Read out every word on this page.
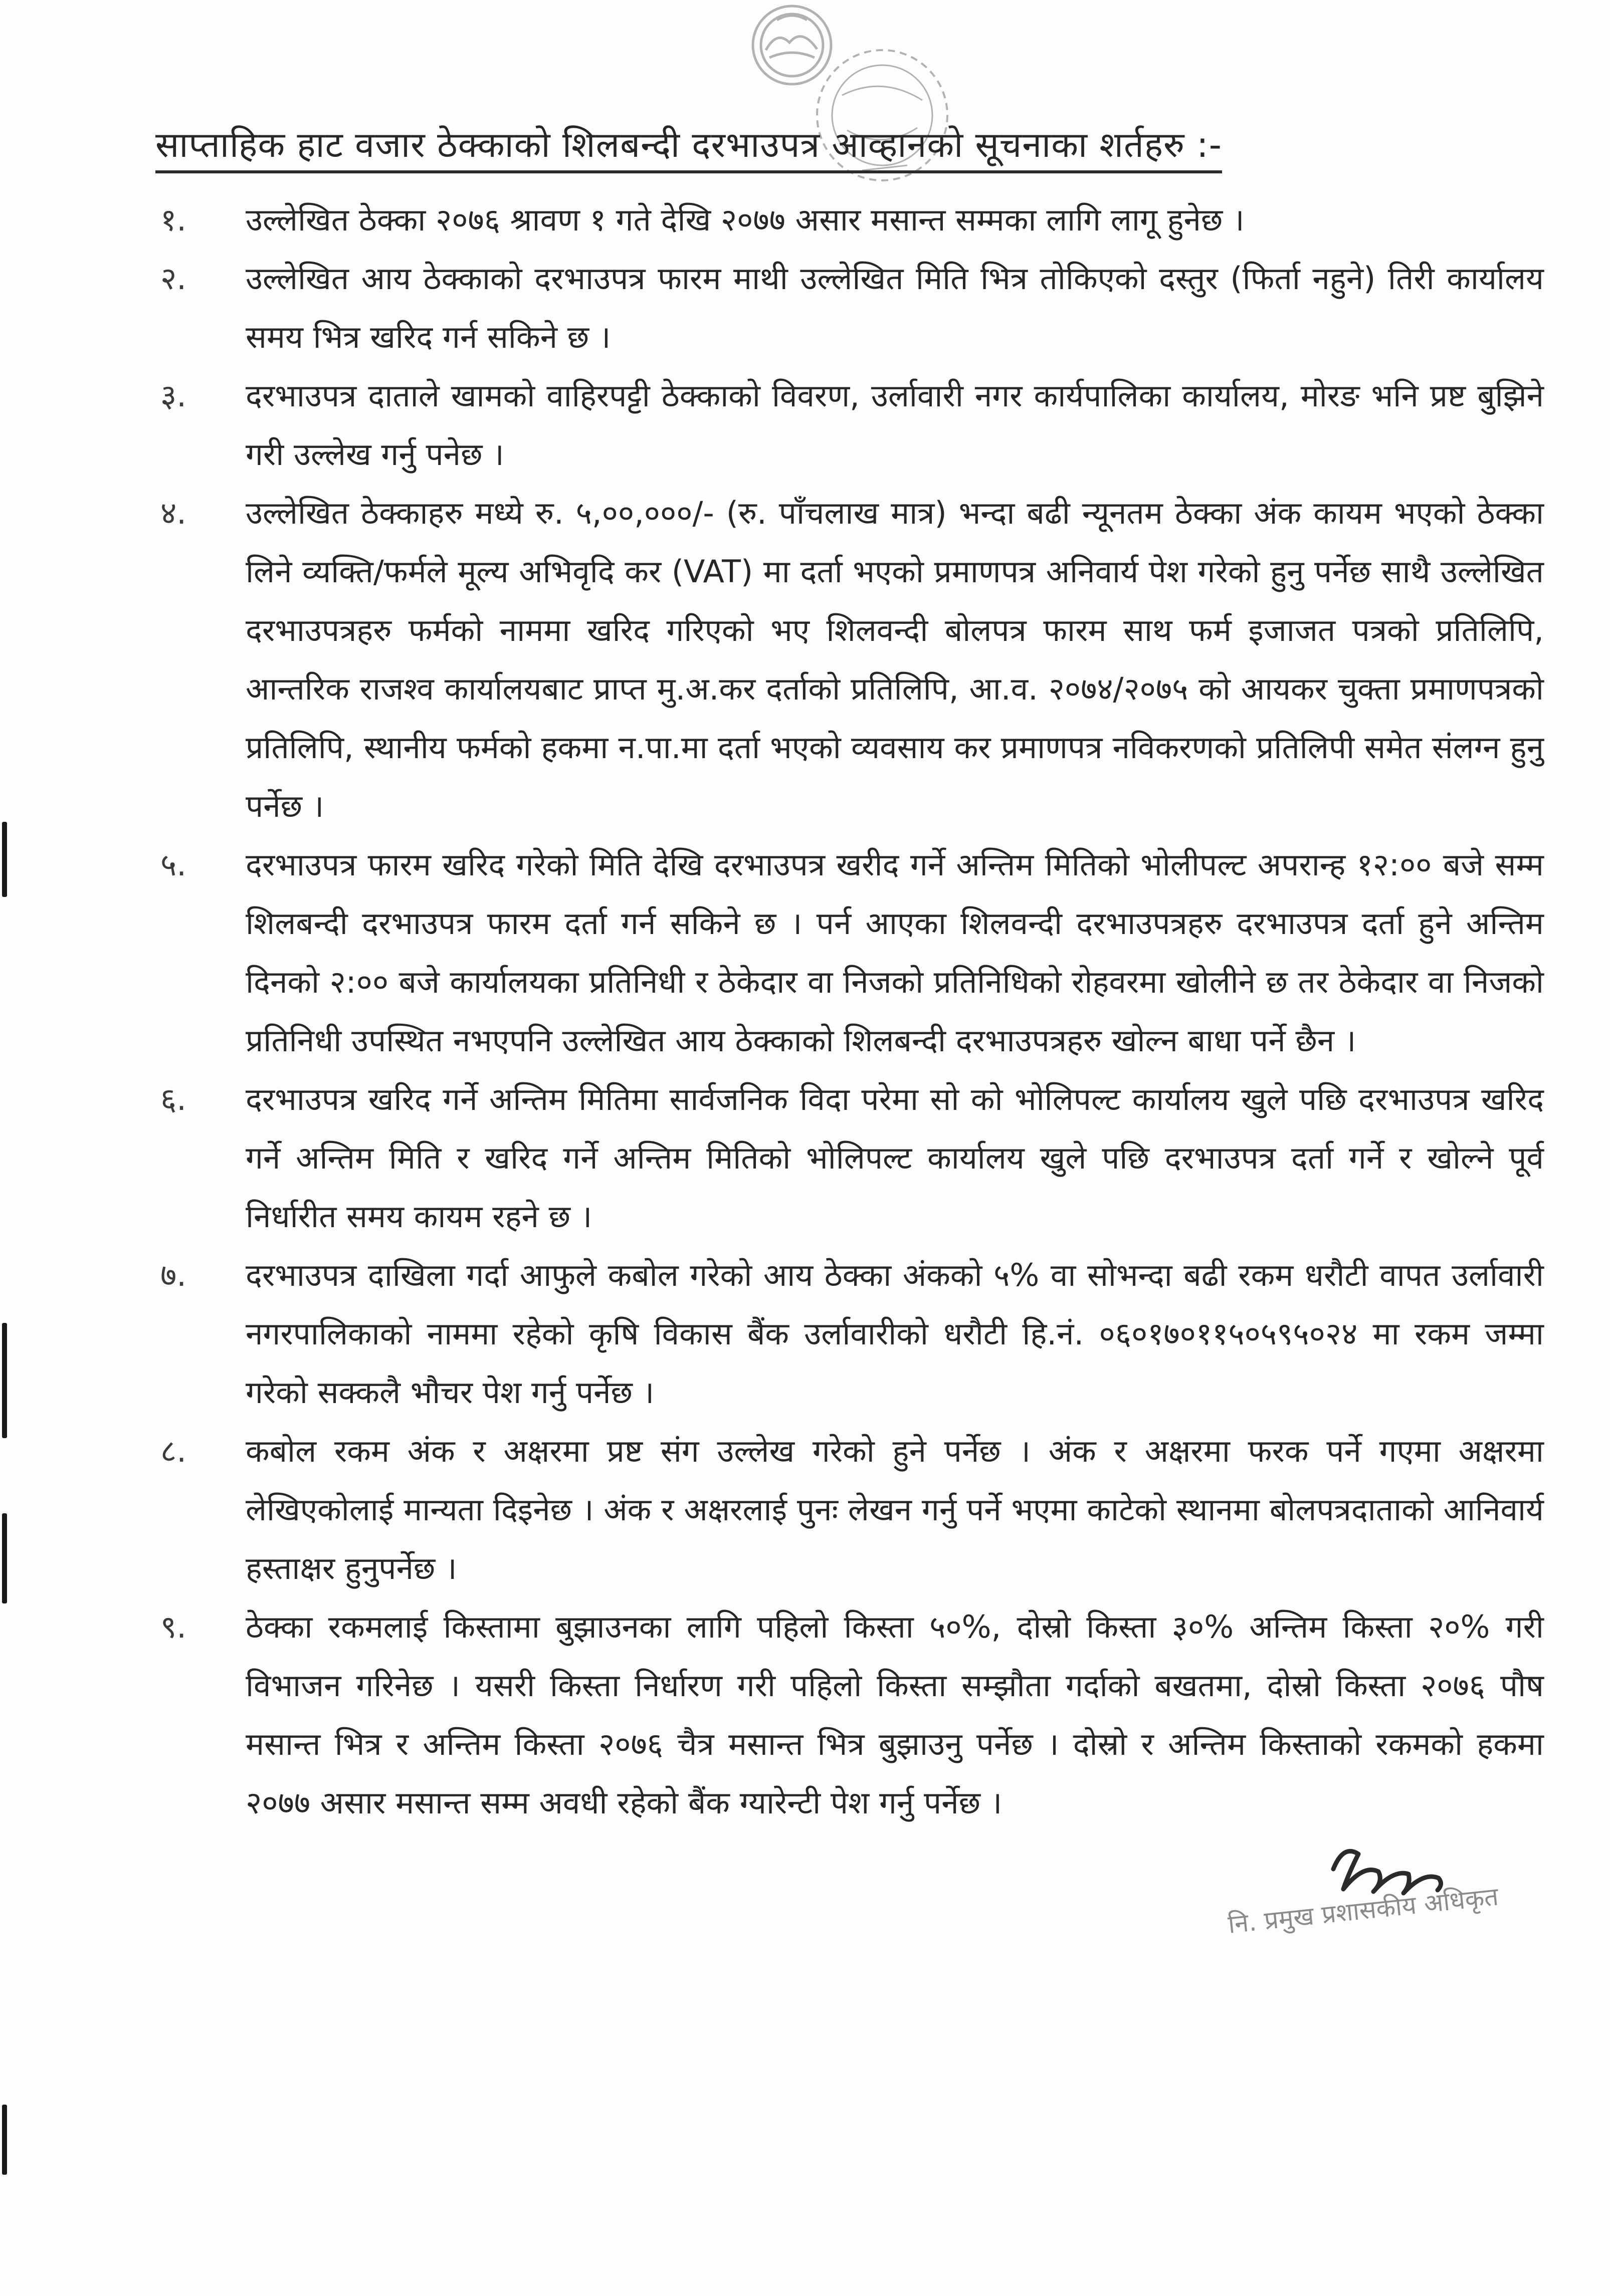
साप्ताहिक हाट वजार ठेक्काको शिलबन्दी दरभाउपत्र आव्हानको सूचनाका शर्तहरु :-
१.	उल्लेखित ठेक्का २०७६ श्रावण १ गते देखि २०७७ असार मसान्त सम्मका लागि लागू हुनेछ ।
२.	उल्लेखित आय ठेक्काको दरभाउपत्र फारम माथी उल्लेखित मिति भित्र तोकिएको दस्तुर (फिर्ता नहुने) तिरी कार्यालय समय भित्र खरिद गर्न सकिने छ ।
३.	दरभाउपत्र दाताले खामको वाहिरपट्टी ठेक्काको विवरण, उर्लावारी नगर कार्यपालिका कार्यालय, मोरङ भनि प्रष्ट बुझिने गरी उल्लेख गर्नु पनेछ ।
४.	उल्लेखित ठेक्काहरु मध्ये रु. ५,००,०००/- (रु. पाँचलाख मात्र) भन्दा बढी न्यूनतम ठेक्का अंक कायम भएको ठेक्का लिने व्यक्ति/फर्मले मूल्य अभिवृदि कर (VAT) मा दर्ता भएको प्रमाणपत्र अनिवार्य पेश गरेको हुनु पर्नेछ साथै उल्लेखित दरभाउपत्रहरु फर्मको नाममा खरिद गरिएको भए शिलवन्दी बोलपत्र फारम साथ फर्म इजाजत पत्रको प्रतिलिपि, आन्तरिक राजश्व कार्यालयबाट प्राप्त मु.अ.कर दर्ताको प्रतिलिपि, आ.व. २०७४/२०७५ को आयकर चुक्ता प्रमाणपत्रको प्रतिलिपि, स्थानीय फर्मको हकमा न.पा.मा दर्ता भएको व्यवसाय कर प्रमाणपत्र नविकरणको प्रतिलिपी समेत संलग्न हुनु पर्नेछ ।
५.	दरभाउपत्र फारम खरिद गरेको मिति देखि दरभाउपत्र खरीद गर्ने अन्तिम मितिको भोलीपल्ट अपरान्ह १२:०० बजे सम्म शिलबन्दी दरभाउपत्र फारम दर्ता गर्न सकिने छ । पर्न आएका शिलवन्दी दरभाउपत्रहरु दरभाउपत्र दर्ता हुने अन्तिम दिनको २:०० बजे कार्यालयका प्रतिनिधी र ठेकेदार वा निजको प्रतिनिधिको रोहवरमा खोलीने छ तर ठेकेदार वा निजको प्रतिनिधी उपस्थित नभएपनि उल्लेखित आय ठेक्काको शिलबन्दी दरभाउपत्रहरु खोल्न बाधा पर्ने छैन ।
६.	दरभाउपत्र खरिद गर्ने अन्तिम मितिमा सार्वजनिक विदा परेमा सो को भोलिपल्ट कार्यालय खुले पछि दरभाउपत्र खरिद गर्ने अन्तिम मिति र खरिद गर्ने अन्तिम मितिको भोलिपल्ट कार्यालय खुले पछि दरभाउपत्र दर्ता गर्ने र खोल्ने पूर्व निर्धारीत समय कायम रहने छ ।
७.	दरभाउपत्र दाखिला गर्दा आफुले कबोल गरेको आय ठेक्का अंकको ५% वा सोभन्दा बढी रकम धरौटी वापत उर्लावारी नगरपालिकाको नाममा रहेको कृषि विकास बैंक उर्लावारीको धरौटी हि.नं. ०६०१७०११५०५९५०२४ मा रकम जम्मा गरेको सक्कलै भौचर पेश गर्नु पर्नेछ ।
८.	कबोल रकम अंक र अक्षरमा प्रष्ट संग उल्लेख गरेको हुने पर्नेछ । अंक र अक्षरमा फरक पर्ने गएमा अक्षरमा लेखिएकोलाई मान्यता दिइनेछ । अंक र अक्षरलाई पुनः लेखन गर्नु पर्ने भएमा काटेको स्थानमा बोलपत्रदाताको आनिवार्य हस्ताक्षर हुनुपर्नेछ ।
९.	ठेक्का रकमलाई किस्तामा बुझाउनका लागि पहिलो किस्ता ५०%, दोस्रो किस्ता ३०% अन्तिम किस्ता २०% गरी विभाजन गरिनेछ । यसरी किस्ता निर्धारण गरी पहिलो किस्ता सम्झौता गर्दाको बखतमा, दोस्रो किस्ता २०७६ पौष मसान्त भित्र र अन्तिम किस्ता २०७६ चैत्र मसान्त भित्र बुझाउनु पर्नेछ । दोस्रो र अन्तिम किस्ताको रकमको हकमा २०७७ असार मसान्त सम्म अवधी रहेको बैंक ग्यारेन्टी पेश गर्नु पर्नेछ ।
नि. प्रमुख प्रशासकीय अधिकृत
